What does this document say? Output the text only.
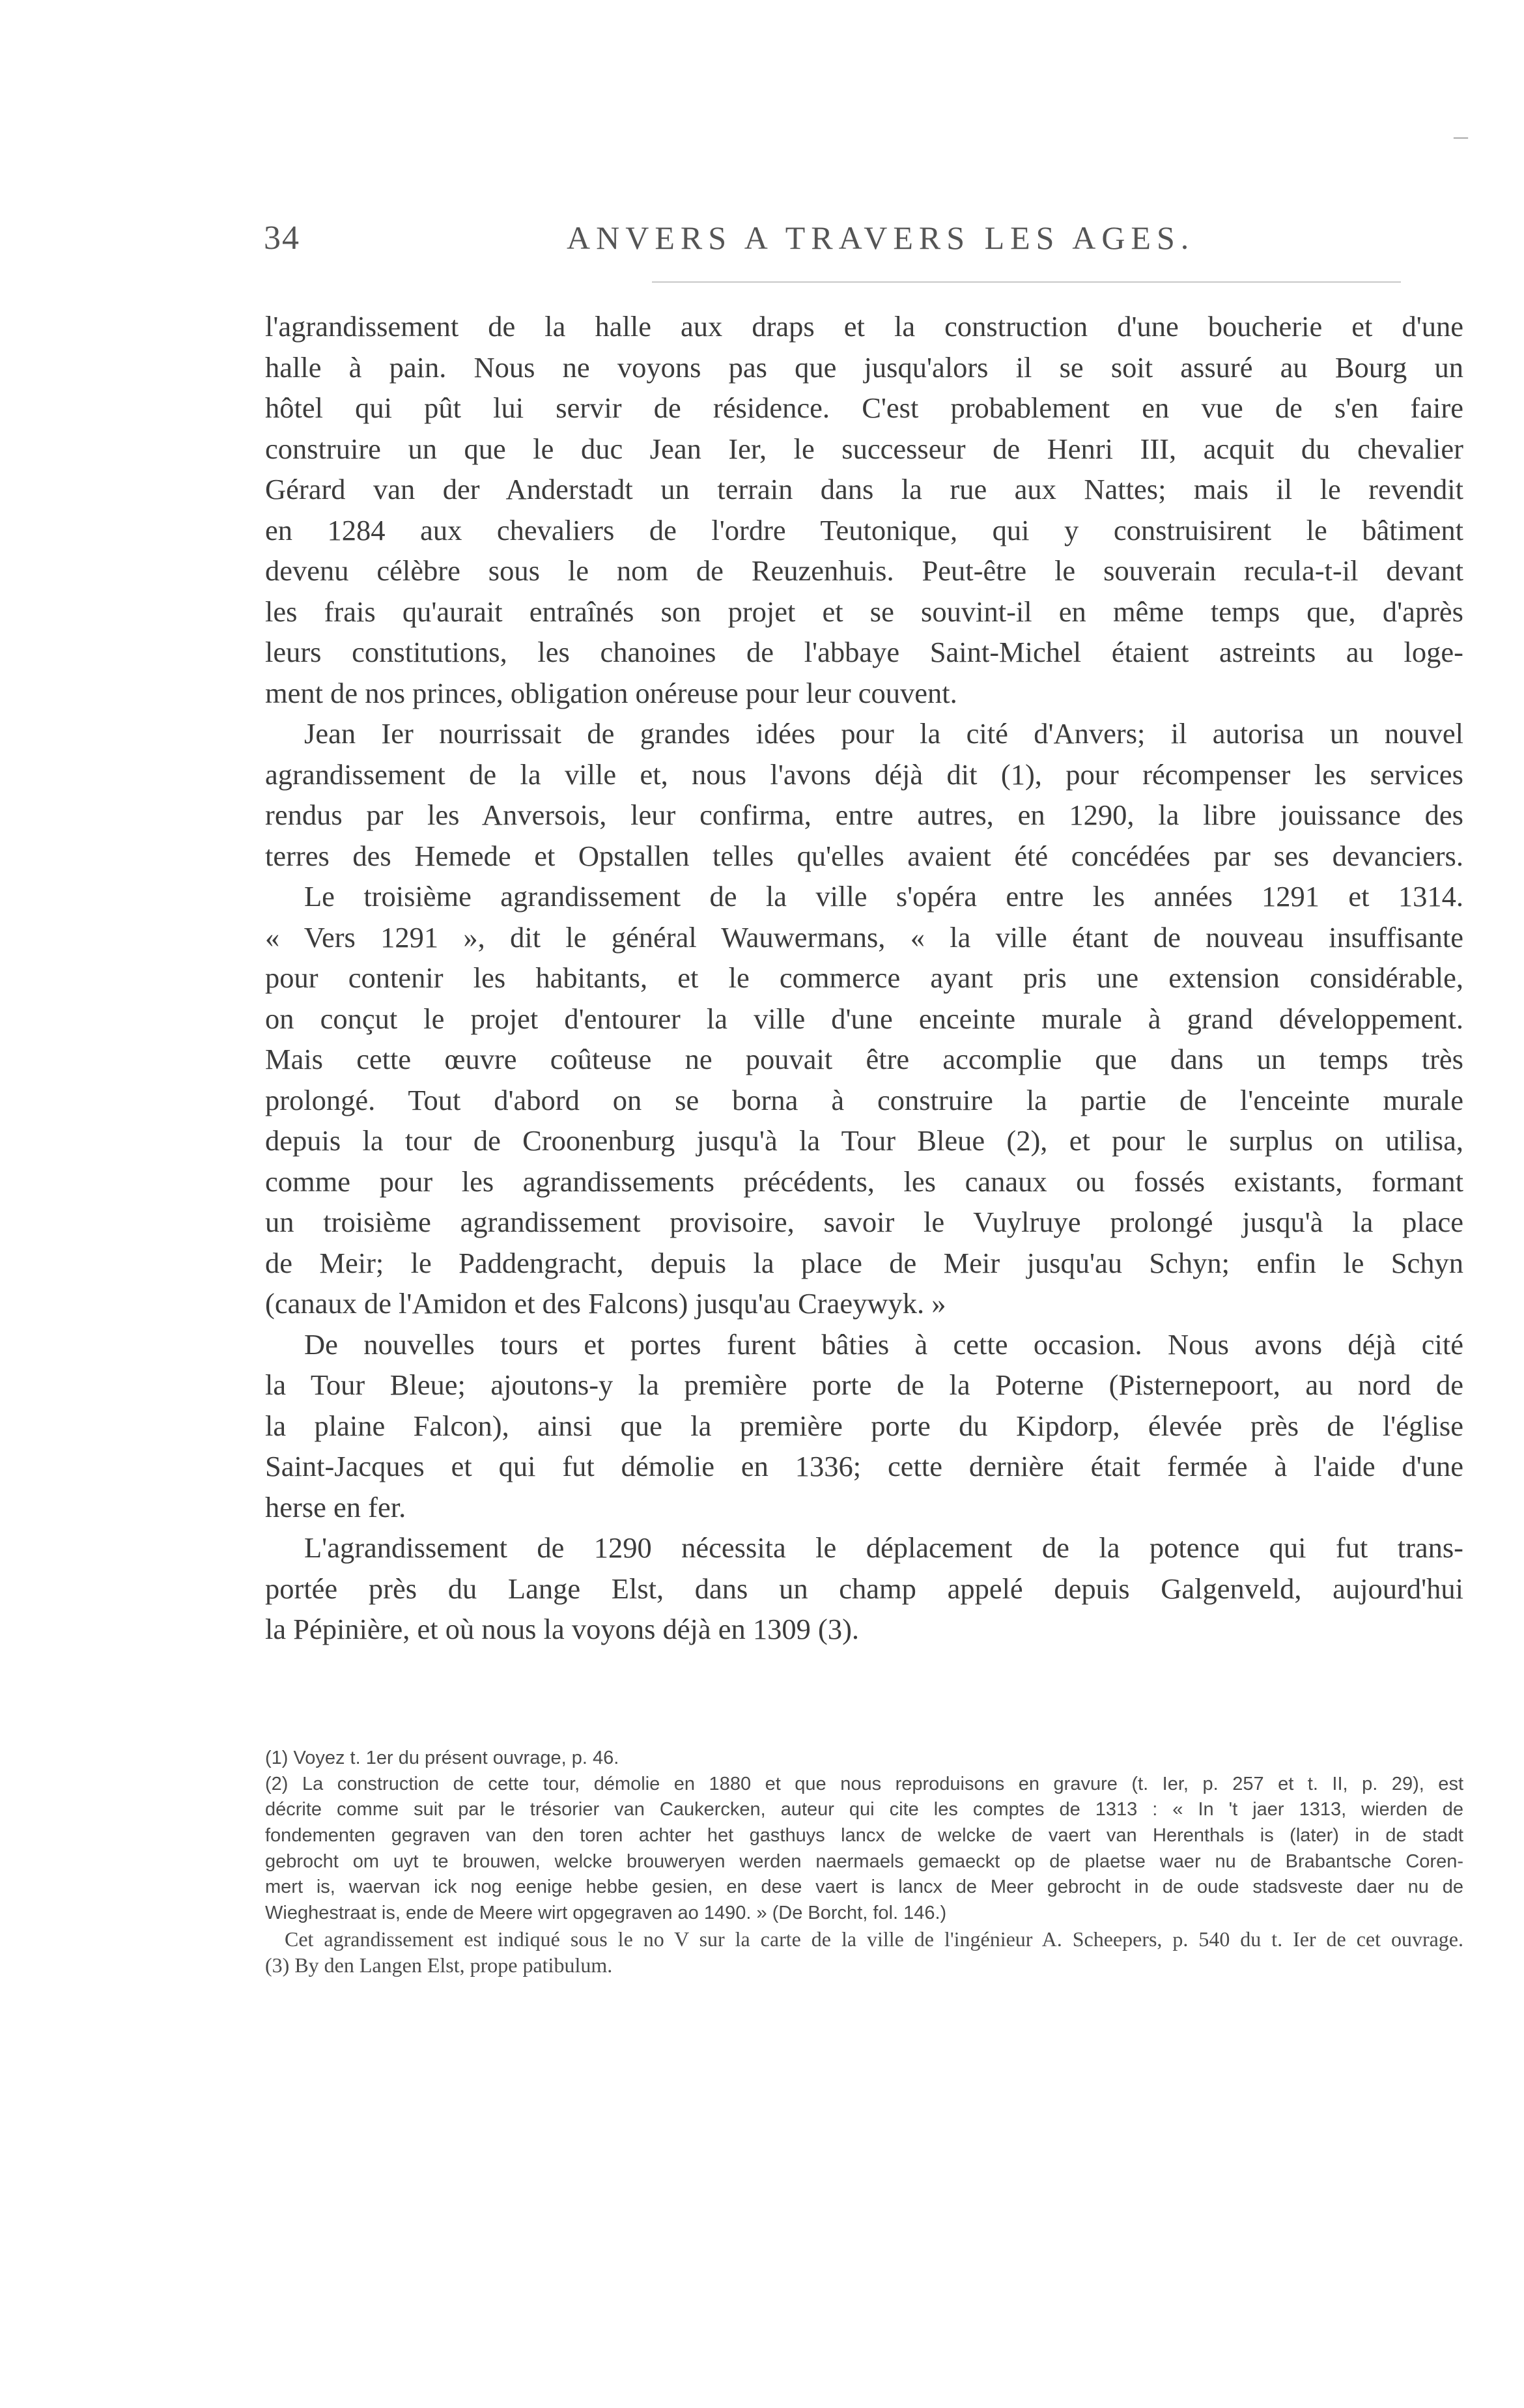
―
34	ANVERS A TRAVERS LES AGES.
l'agrandissement de la halle aux draps et la construction d'une boucherie et d'une
halle à pain. Nous ne voyons pas que jusqu'alors il se soit assuré au Bourg un
hôtel qui pût lui servir de résidence. C'est probablement en vue de s'en faire
construire un que le duc Jean Ier, le successeur de Henri III, acquit du chevalier
Gérard van der Anderstadt un terrain dans la rue aux Nattes; mais il le revendit
en 1284 aux chevaliers de l'ordre Teutonique, qui y construisirent le bâtiment
devenu célèbre sous le nom de Reuzenhuis. Peut-être le souverain recula-t-il devant
les frais qu'aurait entraînés son projet et se souvint-il en même temps que, d'après
leurs constitutions, les chanoines de l'abbaye Saint-Michel étaient astreints au loge-
ment de nos princes, obligation onéreuse pour leur couvent.
Jean Ier nourrissait de grandes idées pour la cité d'Anvers; il autorisa un nouvel
agrandissement de la ville et, nous l'avons déjà dit (1), pour récompenser les services
rendus par les Anversois, leur confirma, entre autres, en 1290, la libre jouissance des
terres des Hemede et Opstallen telles qu'elles avaient été concédées par ses devanciers.
Le troisième agrandissement de la ville s'opéra entre les années 1291 et 1314.
« Vers 1291 », dit le général Wauwermans, « la ville étant de nouveau insuffisante
pour contenir les habitants, et le commerce ayant pris une extension considérable,
on conçut le projet d'entourer la ville d'une enceinte murale à grand développement.
Mais cette œuvre coûteuse ne pouvait être accomplie que dans un temps très
prolongé. Tout d'abord on se borna à construire la partie de l'enceinte murale
depuis la tour de Croonenburg jusqu'à la Tour Bleue (2), et pour le surplus on utilisa,
comme pour les agrandissements précédents, les canaux ou fossés existants, formant
un troisième agrandissement provisoire, savoir le Vuylruye prolongé jusqu'à la place
de Meir; le Paddengracht, depuis la place de Meir jusqu'au Schyn; enfin le Schyn
(canaux de l'Amidon et des Falcons) jusqu'au Craeywyk. »
De nouvelles tours et portes furent bâties à cette occasion. Nous avons déjà cité
la Tour Bleue; ajoutons-y la première porte de la Poterne (Pisternepoort, au nord de
la plaine Falcon), ainsi que la première porte du Kipdorp, élevée près de l'église
Saint-Jacques et qui fut démolie en 1336; cette dernière était fermée à l'aide d'une
herse en fer.
L'agrandissement de 1290 nécessita le déplacement de la potence qui fut trans-
portée près du Lange Elst, dans un champ appelé depuis Galgenveld, aujourd'hui
la Pépinière, et où nous la voyons déjà en 1309 (3).
(1) Voyez t. 1er du présent ouvrage, p. 46.
(2) La construction de cette tour, démolie en 1880 et que nous reproduisons en gravure (t. Ier, p. 257 et t. II, p. 29), est
décrite comme suit par le trésorier van Caukercken, auteur qui cite les comptes de 1313 : « In 't jaer 1313, wierden de
fondementen gegraven van den toren achter het gasthuys lancx de welcke de vaert van Herenthals is (later) in de stadt
gebrocht om uyt te brouwen, welcke brouweryen werden naermaels gemaeckt op de plaetse waer nu de Brabantsche Coren-
mert is, waervan ick nog eenige hebbe gesien, en dese vaert is lancx de Meer gebrocht in de oude stadsveste daer nu de
Wieghestraat is, ende de Meere wirt opgegraven ao 1490. » (De Borcht, fol. 146.)
Cet agrandissement est indiqué sous le no V sur la carte de la ville de l'ingénieur A. Scheepers, p. 540 du t. Ier de cet ouvrage.
(3) By den Langen Elst, prope patibulum.
